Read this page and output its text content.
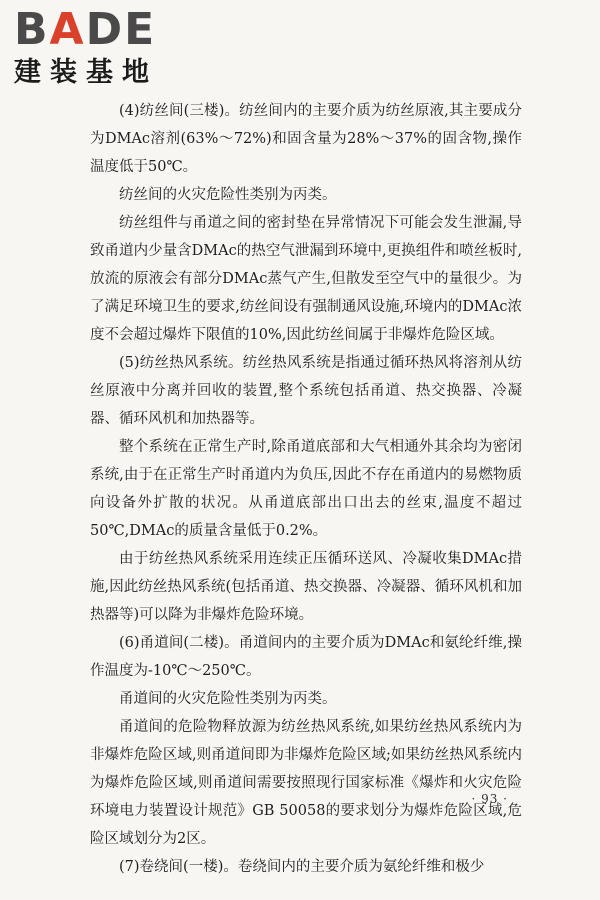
BADE
建装基地

(4)纺丝间(三楼)。纺丝间内的主要介质为纺丝原液,其主要成分为DMAc溶剂(63%～72%)和固含量为28%～37%的固含物,操作温度低于50℃。

纺丝间的火灾危险性类别为丙类。

纺丝组件与甬道之间的密封垫在异常情况下可能会发生泄漏,导致甬道内少量含DMAc的热空气泄漏到环境中,更换组件和喷丝板时,放流的原液会有部分DMAc蒸气产生,但散发至空气中的量很少。为了满足环境卫生的要求,纺丝间设有强制通风设施,环境内的DMAc浓度不会超过爆炸下限值的10%,因此纺丝间属于非爆炸危险区域。

(5)纺丝热风系统。纺丝热风系统是指通过循环热风将溶剂从纺丝原液中分离并回收的装置,整个系统包括甬道、热交换器、冷凝器、循环风机和加热器等。

整个系统在正常生产时,除甬道底部和大气相通外其余均为密闭系统,由于在正常生产时甬道内为负压,因此不存在甬道内的易燃物质向设备外扩散的状况。从甬道底部出口出去的丝束,温度不超过50℃,DMAc的质量含量低于0.2%。

由于纺丝热风系统采用连续正压循环送风、冷凝收集DMAc措施,因此纺丝热风系统(包括甬道、热交换器、冷凝器、循环风机和加热器等)可以降为非爆炸危险环境。

(6)甬道间(二楼)。甬道间内的主要介质为DMAc和氨纶纤维,操作温度为-10℃～250℃。

甬道间的火灾危险性类别为丙类。

甬道间的危险物释放源为纺丝热风系统,如果纺丝热风系统内为非爆炸危险区域,则甬道间即为非爆炸危险区域;如果纺丝热风系统内为爆炸危险区域,则甬道间需要按照现行国家标准《爆炸和火灾危险环境电力装置设计规范》GB 50058的要求划分为爆炸危险区域,危险区域划分为2区。

(7)卷绕间(一楼)。卷绕间内的主要介质为氨纶纤维和极少

· 93 ·
